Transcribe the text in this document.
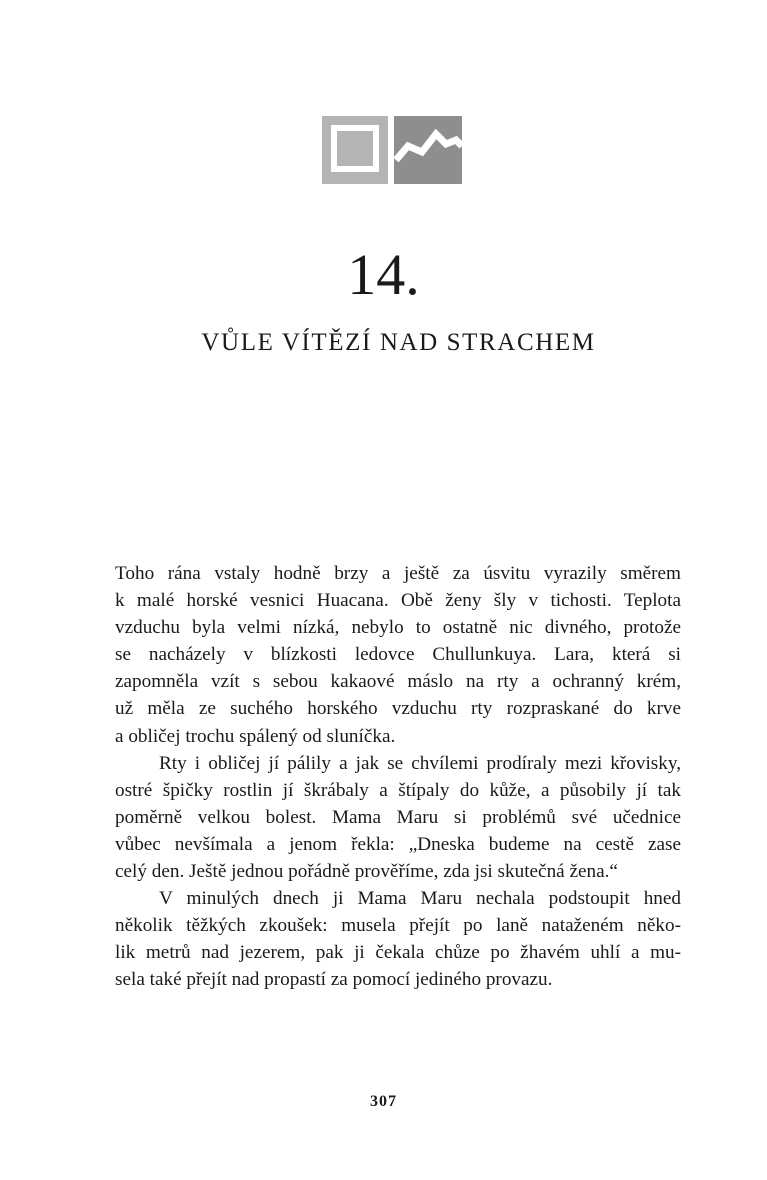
14.
VŮLE VÍTĚZÍ NAD STRACHEM
Toho rána vstaly hodně brzy a ještě za úsvitu vyrazily směrem
k malé horské vesnici Huacana. Obě ženy šly v tichosti. Teplota
vzduchu byla velmi nízká, nebylo to ostatně nic divného, protože
se nacházely v blízkosti ledovce Chullunkuya. Lara, která si
zapomněla vzít s sebou kakaové máslo na rty a ochranný krém,
už měla ze suchého horského vzduchu rty rozpraskané do krve
a obličej trochu spálený od sluníčka.
Rty i obličej jí pálily a jak se chvílemi prodíraly mezi křovisky,
ostré špičky rostlin jí škrábaly a štípaly do kůže, a působily jí tak
poměrně velkou bolest. Mama Maru si problémů své učednice
vůbec nevšímala a jenom řekla: „Dneska budeme na cestě zase
celý den. Ještě jednou pořádně prověříme, zda jsi skutečná žena.“
V minulých dnech ji Mama Maru nechala podstoupit hned
několik těžkých zkoušek: musela přejít po laně nataženém něko-
lik metrů nad jezerem, pak ji čekala chůze po žhavém uhlí a mu-
sela také přejít nad propastí za pomocí jediného provazu.
307
